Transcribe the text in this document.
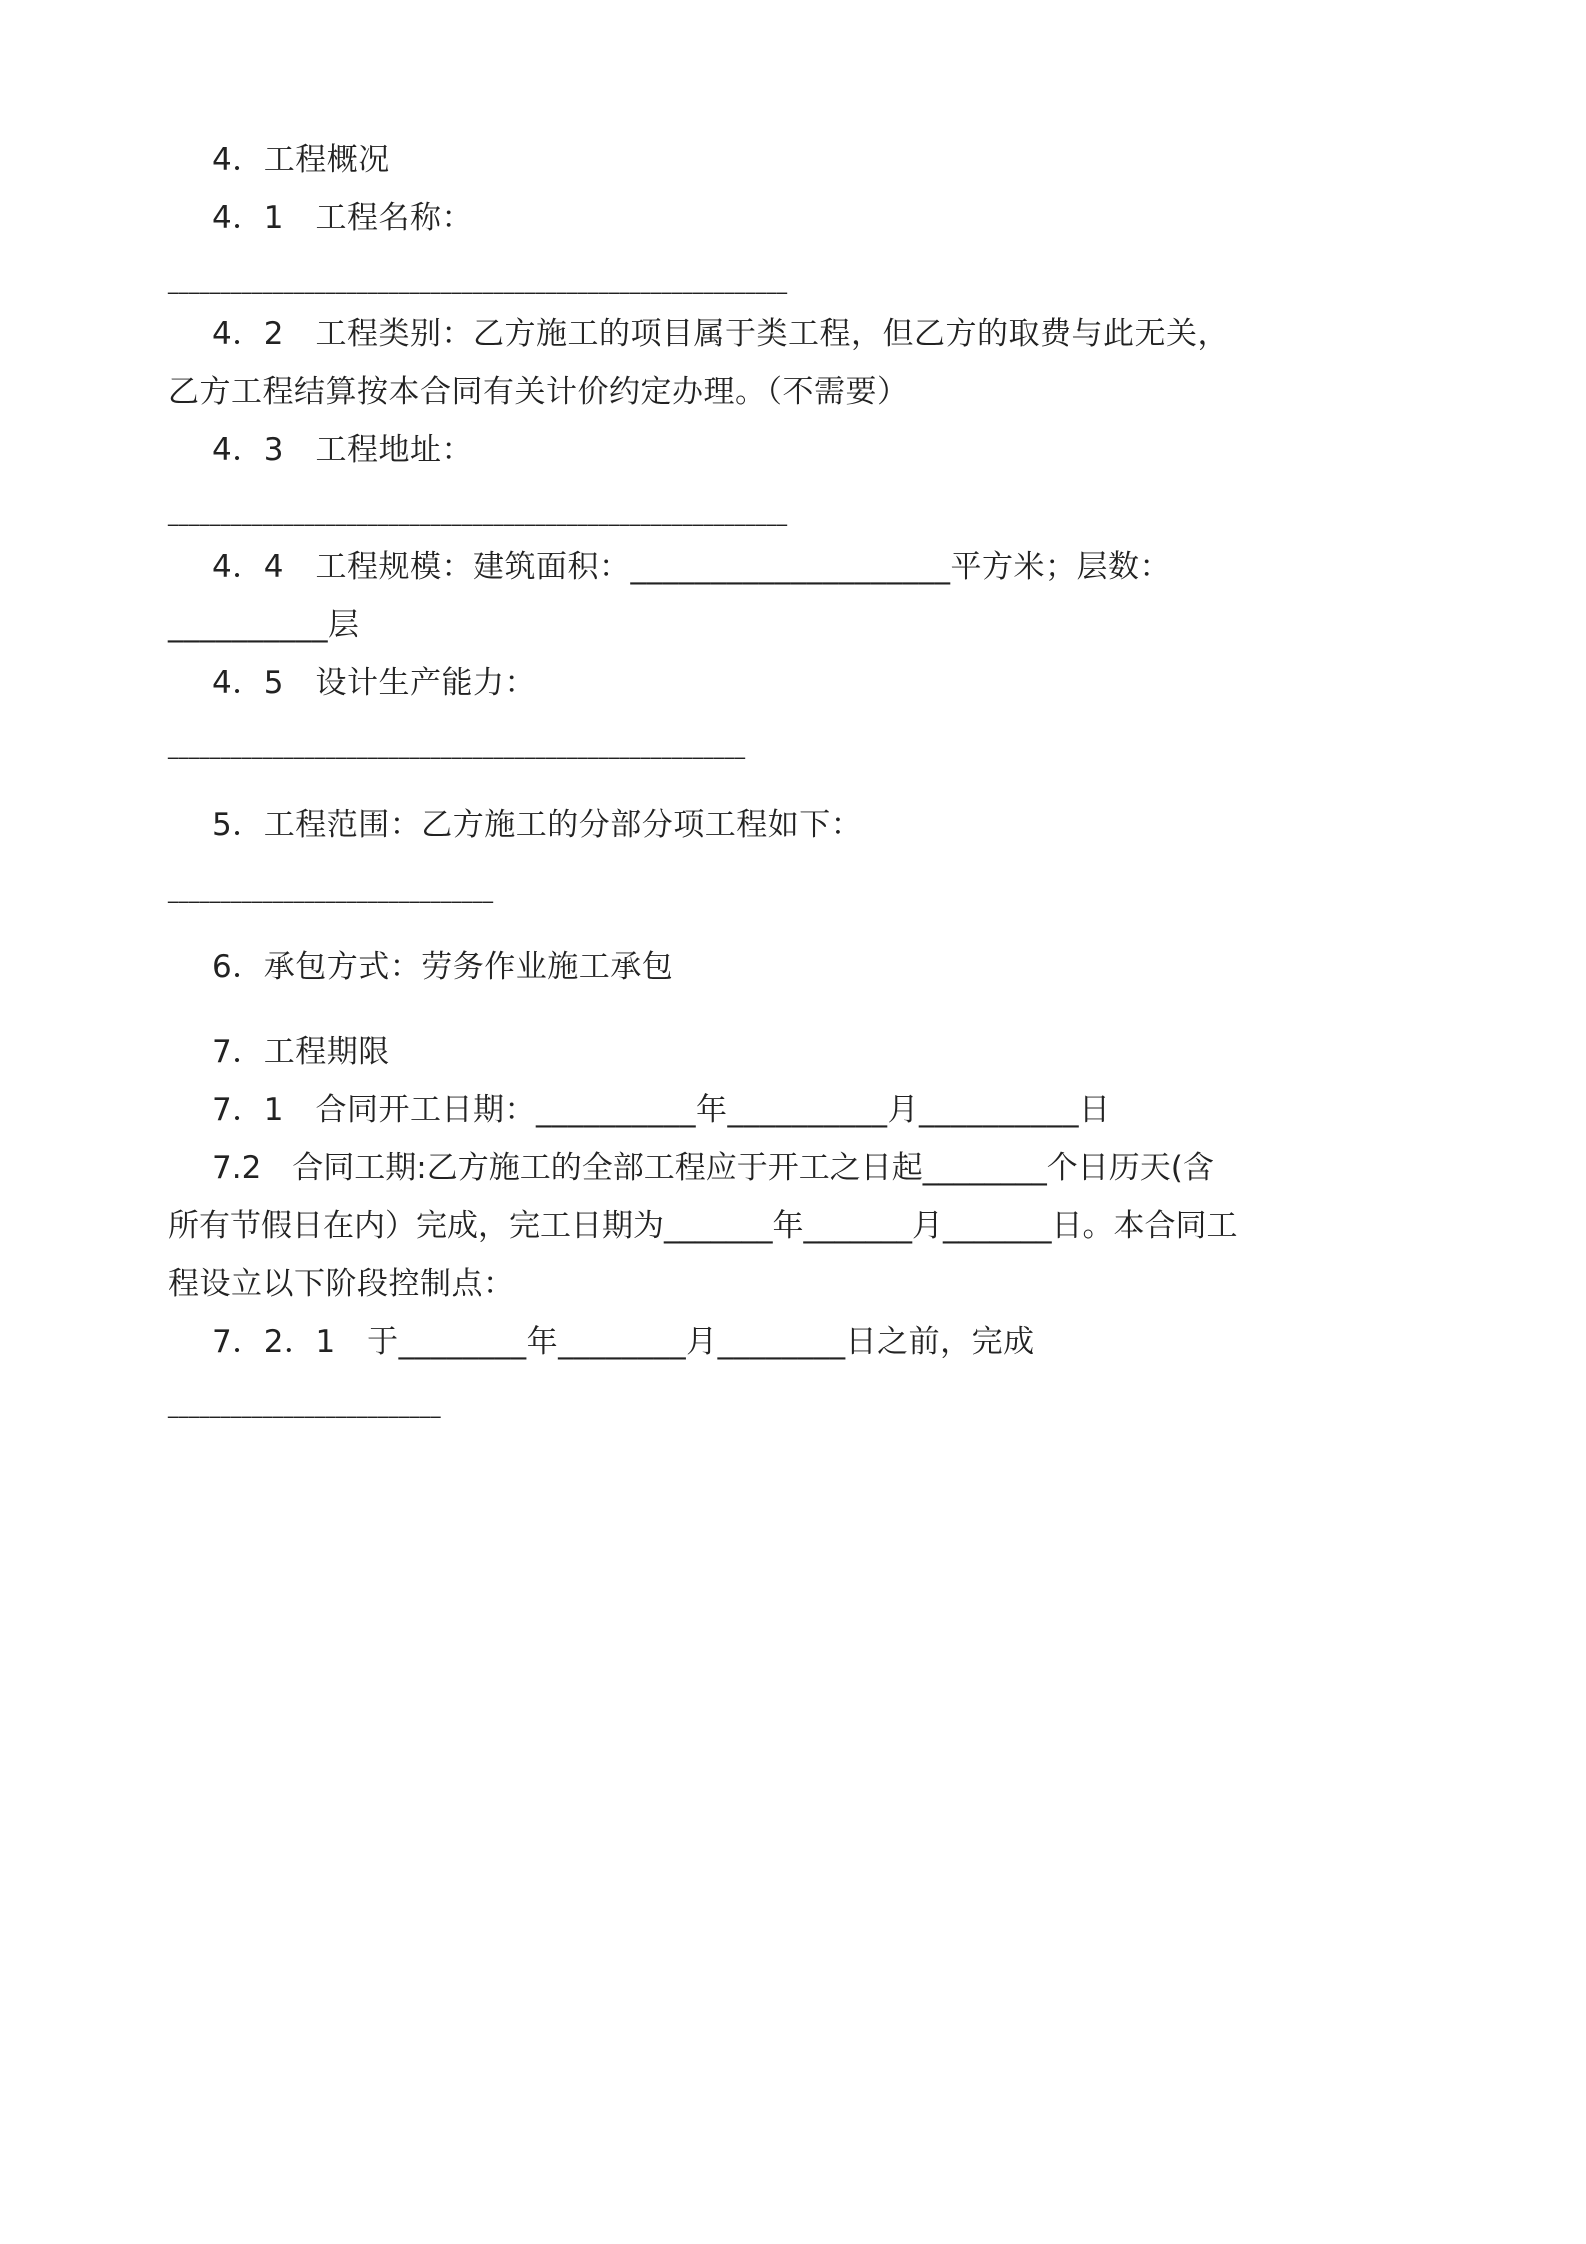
4．工程概况
4．1　工程名称：
___________________________________________________________
4．2　工程类别：乙方施工的项目属于类工程，但乙方的取费与此无关，
乙方工程结算按本合同有关计价约定办理。（不需要）
4．3　工程地址：
___________________________________________________________
4．4　工程规模：建筑面积：____________________平方米；层数：
__________层
4．5　设计生产能力：
_______________________________________________________
5．工程范围：乙方施工的分部分项工程如下：
_______________________________
6．承包方式：劳务作业施工承包
7．工程期限
7．1　合同开工日期：__________年__________月__________日
7.2　合同工期:乙方施工的全部工程应于开工之日起________个日历天(含
所有节假日在内）完成，完工日期为_______年_______月_______日。本合同工
程设立以下阶段控制点：
7．2．1　于________年________月________日之前，完成
__________________________
